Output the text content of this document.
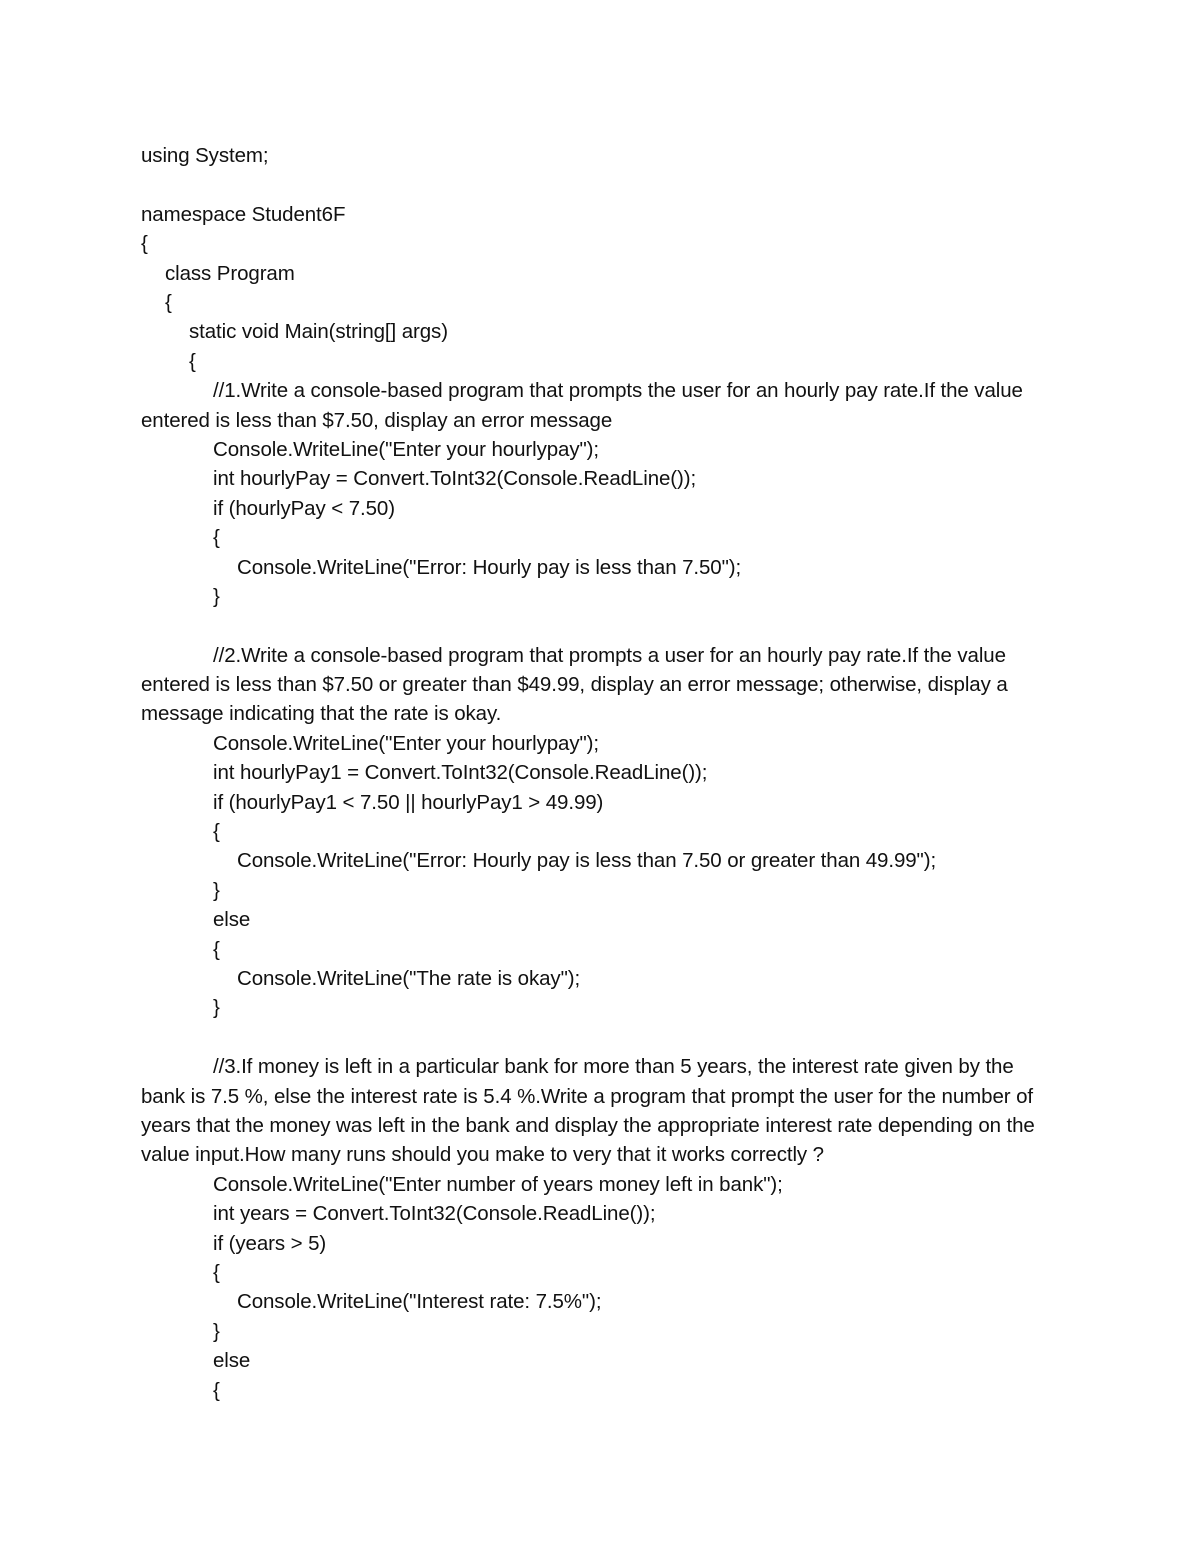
using System;
namespace Student6F
{
class Program
{
static void Main(string[] args)
{
//1.Write a console-based program that prompts the user for an hourly pay rate.If the value entered is less than $7.50, display an error message
Console.WriteLine("Enter your hourlypay");
int hourlyPay = Convert.ToInt32(Console.ReadLine());
if (hourlyPay < 7.50)
{
Console.WriteLine("Error: Hourly pay is less than 7.50");
}
//2.Write a console-based program that prompts a user for an hourly pay rate.If the value entered is less than $7.50 or greater than $49.99, display an error message; otherwise, display a message indicating that the rate is okay.
Console.WriteLine("Enter your hourlypay");
int hourlyPay1 = Convert.ToInt32(Console.ReadLine());
if (hourlyPay1 < 7.50 || hourlyPay1 > 49.99)
{
Console.WriteLine("Error: Hourly pay is less than 7.50 or greater than 49.99");
}
else
{
Console.WriteLine("The rate is okay");
}
//3.If money is left in a particular bank for more than 5 years, the interest rate given by the bank is 7.5 %, else the interest rate is 5.4 %.Write a program that prompt the user for the number of years that the money was left in the bank and display the appropriate interest rate depending on the value input.How many runs should you make to very that it works correctly ?
Console.WriteLine("Enter number of years money left in bank");
int years = Convert.ToInt32(Console.ReadLine());
if (years > 5)
{
Console.WriteLine("Interest rate: 7.5%");
}
else
{
